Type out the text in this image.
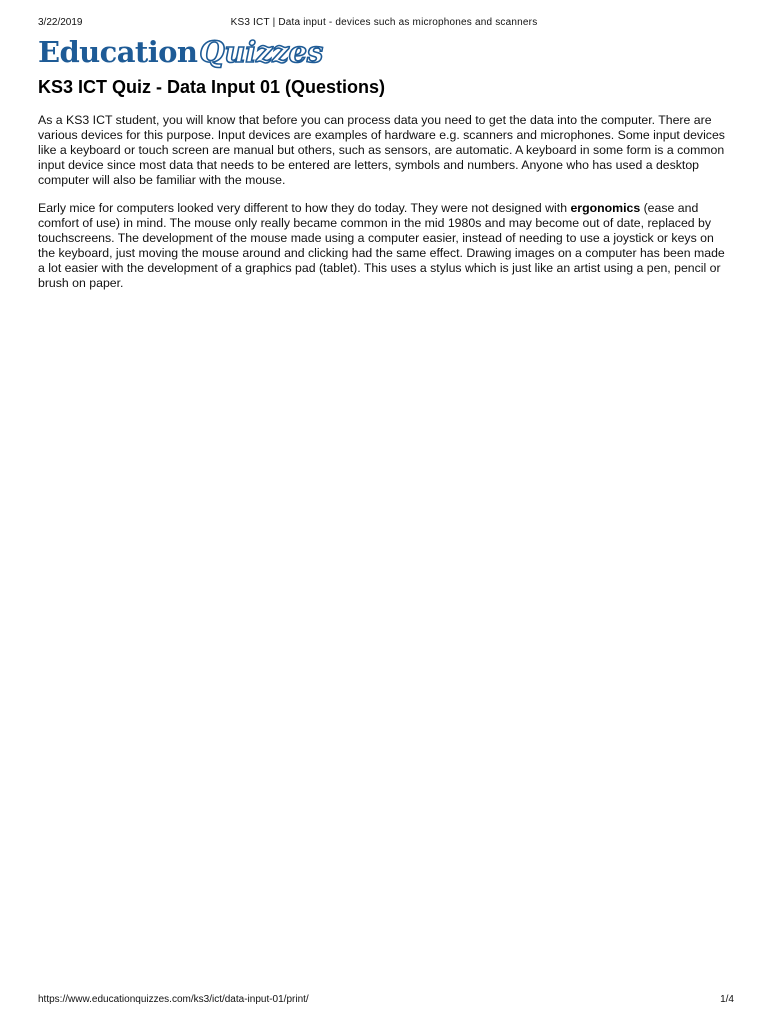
3/22/2019	KS3 ICT | Data input - devices such as microphones and scanners
Education Quizzes
KS3 ICT Quiz - Data Input 01 (Questions)

As a KS3 ICT student, you will know that before you can process data you need to get the data into the computer. There are various devices for this purpose. Input devices are examples of hardware e.g. scanners and microphones. Some input devices like a keyboard or touch screen are manual but others, such as sensors, are automatic. A keyboard in some form is a common input device since most data that needs to be entered are letters, symbols and numbers. Anyone who has used a desktop computer will also be familiar with the mouse.

Early mice for computers looked very different to how they do today. They were not designed with ergonomics (ease and comfort of use) in mind. The mouse only really became common in the mid 1980s and may become out of date, replaced by touchscreens. The development of the mouse made using a computer easier, instead of needing to use a joystick or keys on the keyboard, just moving the mouse around and clicking had the same effect. Drawing images on a computer has been made a lot easier with the development of a graphics pad (tablet). This uses a stylus which is just like an artist using a pen, pencil or brush on paper.

https://www.educationquizzes.com/ks3/ict/data-input-01/print/	1/4
